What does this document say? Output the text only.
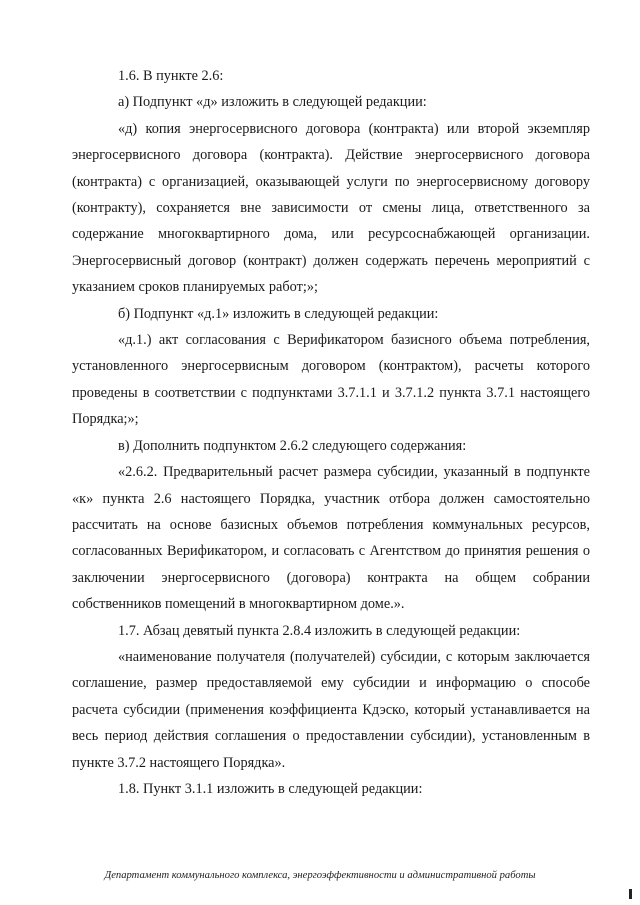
1.6. В пункте 2.6:

а) Подпункт «д» изложить в следующей редакции:

«д) копия энергосервисного договора (контракта) или второй экземпляр энергосервисного договора (контракта). Действие энергосервисного договора (контракта) с организацией, оказывающей услуги по энергосервисному договору (контракту), сохраняется вне зависимости от смены лица, ответственного за содержание многоквартирного дома, или ресурсоснабжающей организации. Энергосервисный договор (контракт) должен содержать перечень мероприятий с указанием сроков планируемых работ;»;

б) Подпункт «д.1» изложить в следующей редакции:

«д.1.) акт согласования с Верификатором базисного объема потребления, установленного энергосервисным договором (контрактом), расчеты которого проведены в соответствии с подпунктами 3.7.1.1 и 3.7.1.2 пункта 3.7.1 настоящего Порядка;»;

в) Дополнить подпунктом 2.6.2 следующего содержания:

«2.6.2. Предварительный расчет размера субсидии, указанный в подпункте «к» пункта 2.6 настоящего Порядка, участник отбора должен самостоятельно рассчитать на основе базисных объемов потребления коммунальных ресурсов, согласованных Верификатором, и согласовать с Агентством до принятия решения о заключении энергосервисного (договора) контракта на общем собрании собственников помещений в многоквартирном доме.».

1.7. Абзац девятый пункта 2.8.4 изложить в следующей редакции:

«наименование получателя (получателей) субсидии, с которым заключается соглашение, размер предоставляемой ему субсидии и информацию о способе расчета субсидии (применения коэффициента Кдэско, который устанавливается на весь период действия соглашения о предоставлении субсидии), установленным в пункте 3.7.2 настоящего Порядка».

1.8. Пункт 3.1.1 изложить в следующей редакции:

Департамент коммунального комплекса, энергоэффективности и административной работы
